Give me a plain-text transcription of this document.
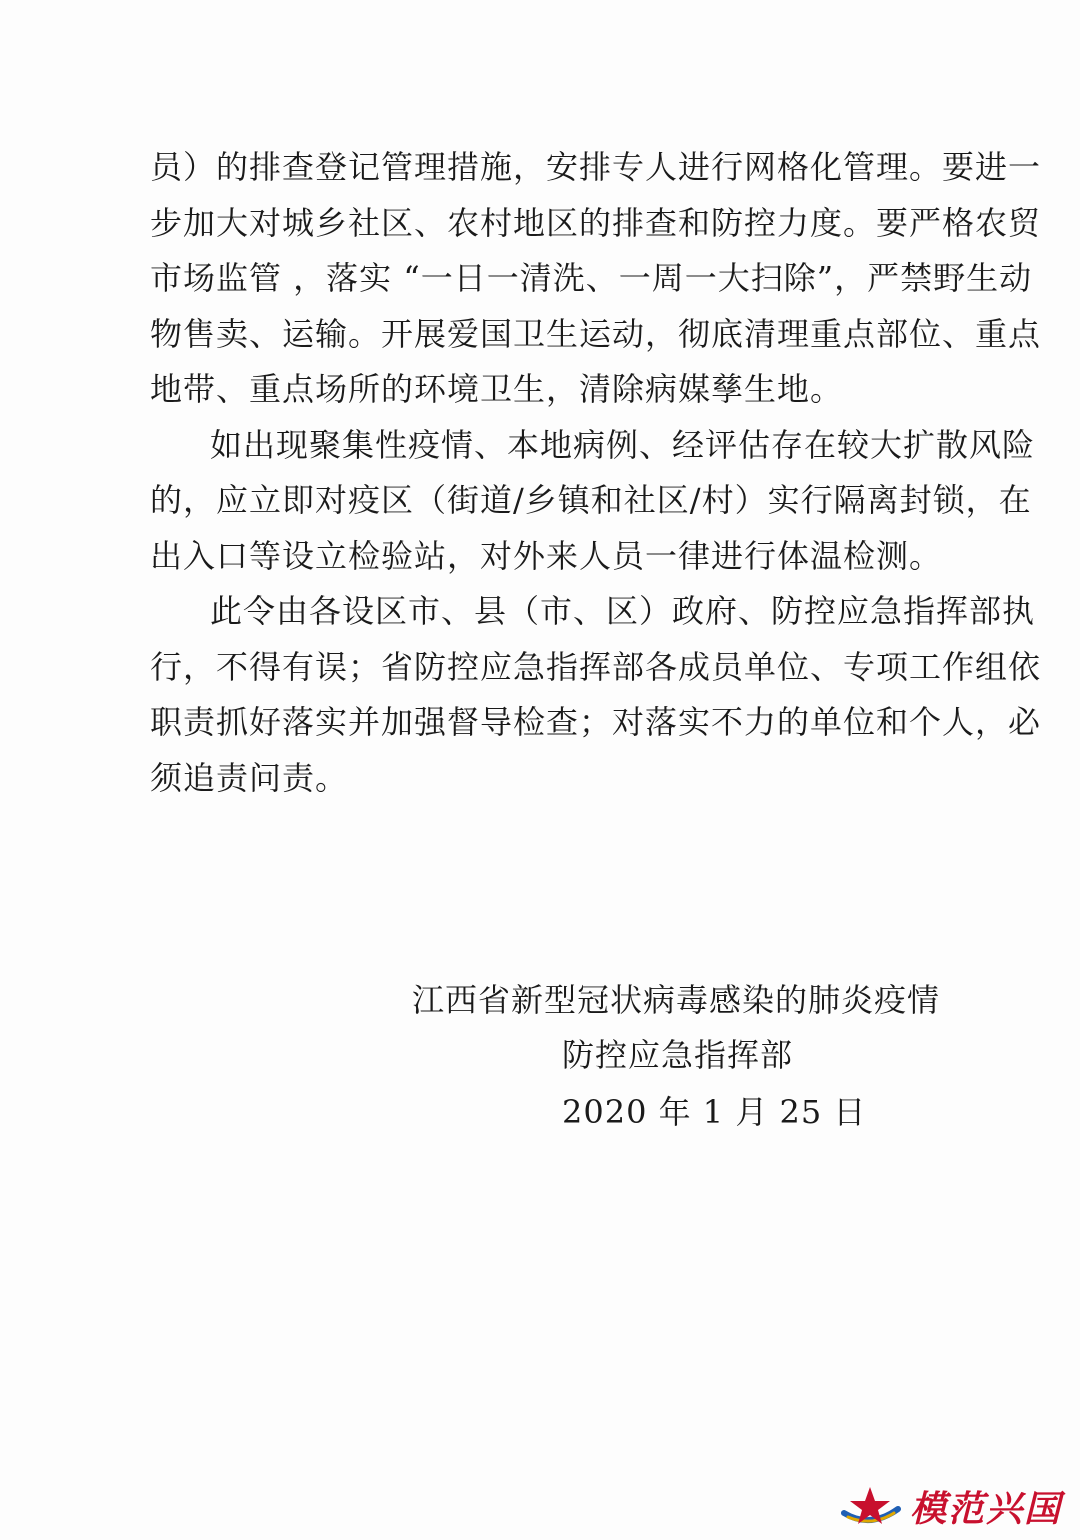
员）的排查登记管理措施，安排专人进行网格化管理。要进一
步加大对城乡社区、农村地区的排查和防控力度。要严格农贸
市场监管 ，落实 “一日一清洗、一周一大扫除”，严禁野生动
物售卖、运输。开展爱国卫生运动，彻底清理重点部位、重点
地带、重点场所的环境卫生，清除病媒孳生地。
如出现聚集性疫情、本地病例、经评估存在较大扩散风险
的，应立即对疫区（街道/乡镇和社区/村）实行隔离封锁，在
出入口等设立检验站，对外来人员一律进行体温检测。
此令由各设区市、县（市、区）政府、防控应急指挥部执
行，不得有误；省防控应急指挥部各成员单位、专项工作组依
职责抓好落实并加强督导检查；对落实不力的单位和个人，必
须追责问责。
江西省新型冠状病毒感染的肺炎疫情
防控应急指挥部
2020 年 1 月 25 日
模范兴国
